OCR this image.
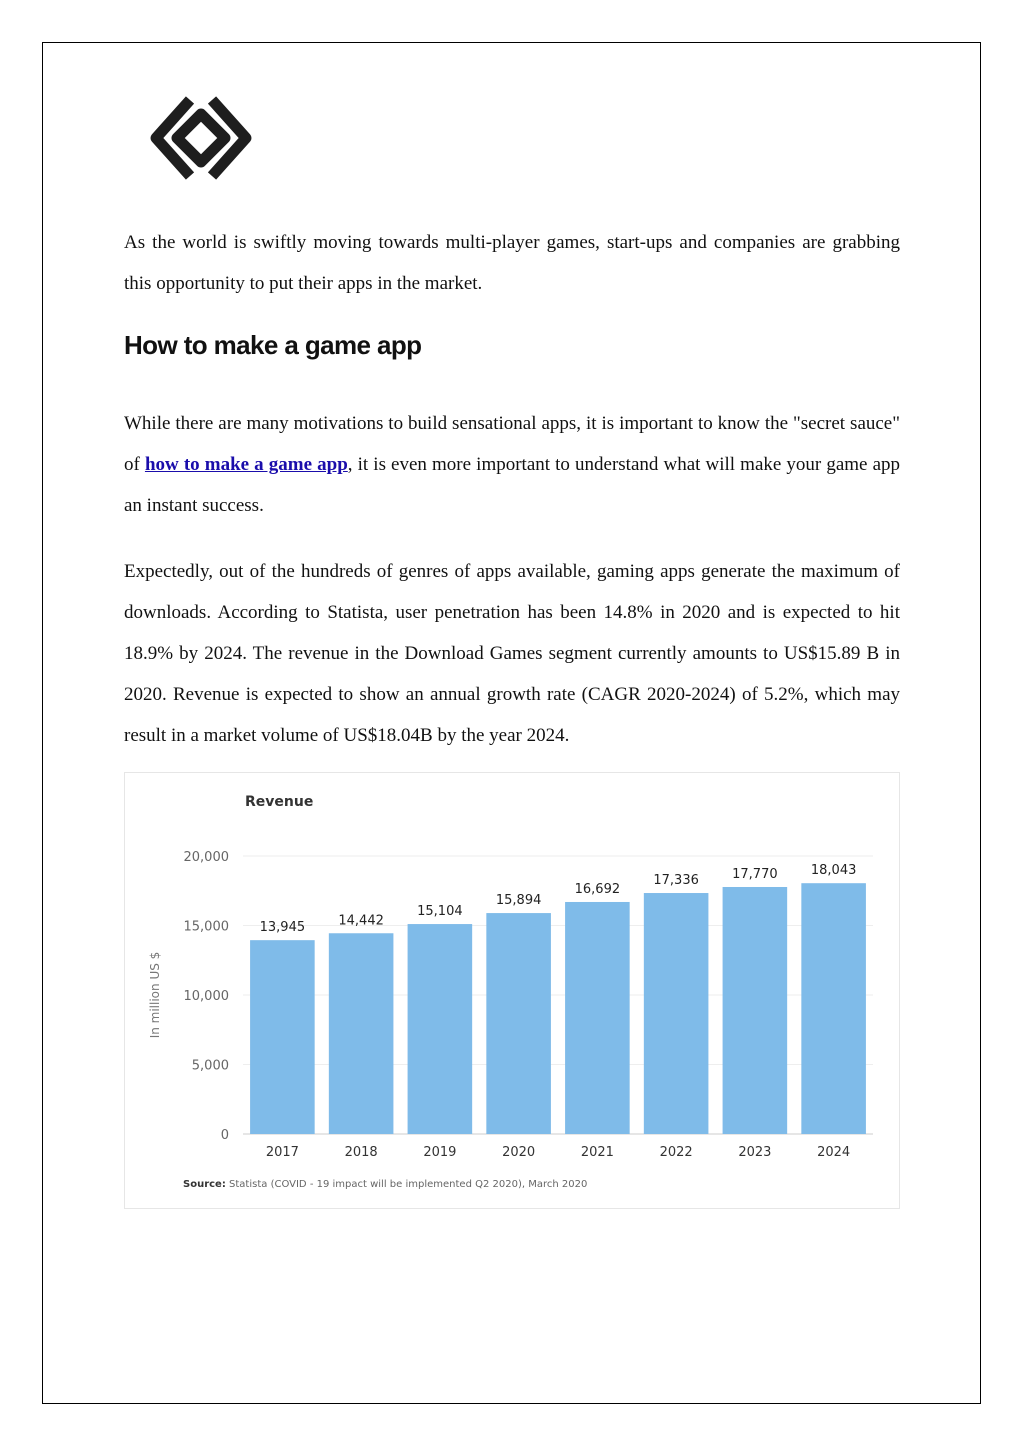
As the world is swiftly moving towards multi-player games, start-ups and companies are grabbing this opportunity to put their apps in the market.

How to make a game app

While there are many motivations to build sensational apps, it is important to know the "secret sauce" of how to make a game app, it is even more important to understand what will make your game app an instant success.

Expectedly, out of the hundreds of genres of apps available, gaming apps generate the maximum of downloads. According to Statista, user penetration has been 14.8% in 2020 and is expected to hit 18.9% by 2024. The revenue in the Download Games segment currently amounts to US$15.89 B in 2020. Revenue is expected to show an annual growth rate (CAGR 2020-2024) of 5.2%, which may result in a market volume of US$18.04B by the year 2024.

Revenue
0
5,000
10,000
15,000
20,000
In million US $
13,945
2017
14,442
2018
15,104
2019
15,894
2020
16,692
2021
17,336
2022
17,770
2023
18,043
2024
Source: Statista (COVID - 19 impact will be implemented Q2 2020), March 2020
